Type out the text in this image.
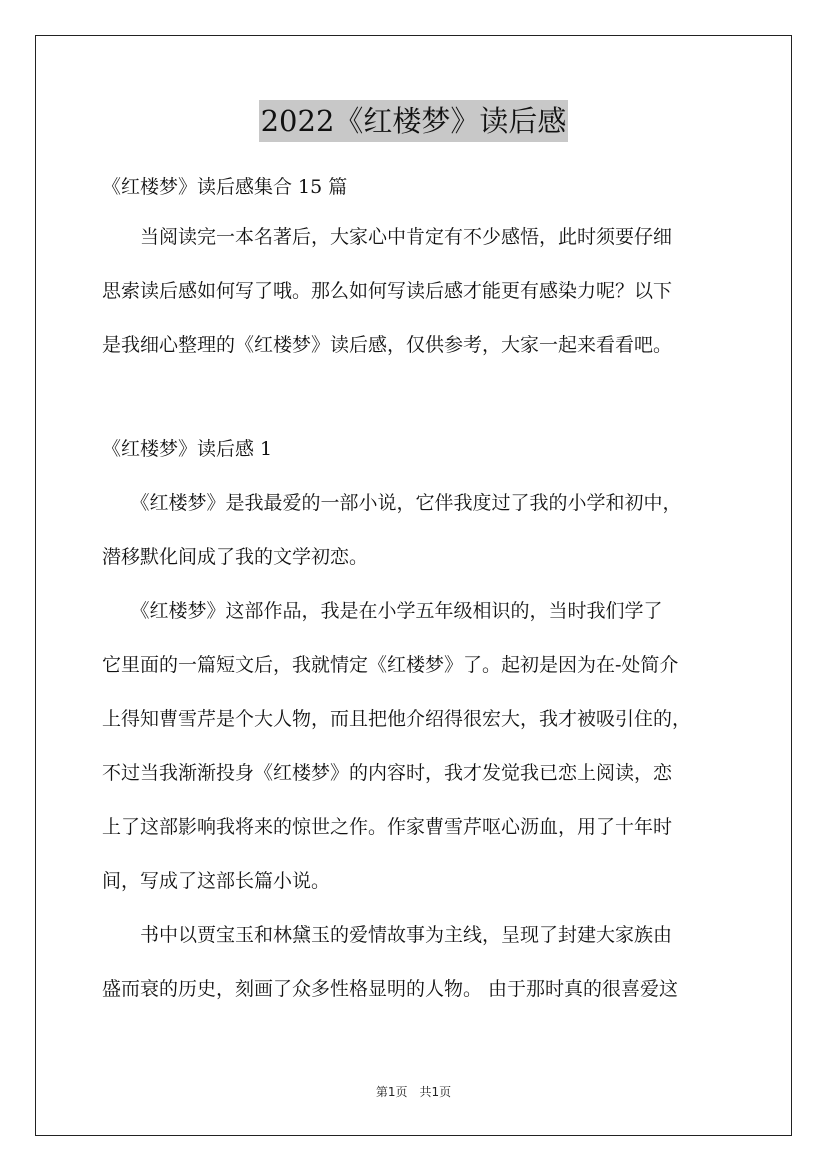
2022《红楼梦》读后感
《红楼梦》读后感集合 15 篇
　　当阅读完一本名著后，大家心中肯定有不少感悟，此时须要仔细
思索读后感如何写了哦。那么如何写读后感才能更有感染力呢？以下
是我细心整理的《红楼梦》读后感，仅供参考，大家一起来看看吧。
《红楼梦》读后感 1
　　《红楼梦》是我最爱的一部小说，它伴我度过了我的小学和初中，
潜移默化间成了我的文学初恋。
　　《红楼梦》这部作品，我是在小学五年级相识的，当时我们学了
它里面的一篇短文后，我就情定《红楼梦》了。起初是因为在-处简介
上得知曹雪芹是个大人物，而且把他介绍得很宏大，我才被吸引住的，
不过当我渐渐投身《红楼梦》的内容时，我才发觉我已恋上阅读，恋
上了这部影响我将来的惊世之作。作家曹雪芹呕心沥血，用了十年时
间，写成了这部长篇小说。
　　书中以贾宝玉和林黛玉的爱情故事为主线，呈现了封建大家族由
盛而衰的历史，刻画了众多性格显明的人物。 由于那时真的很喜爱这
第1页　共1页
